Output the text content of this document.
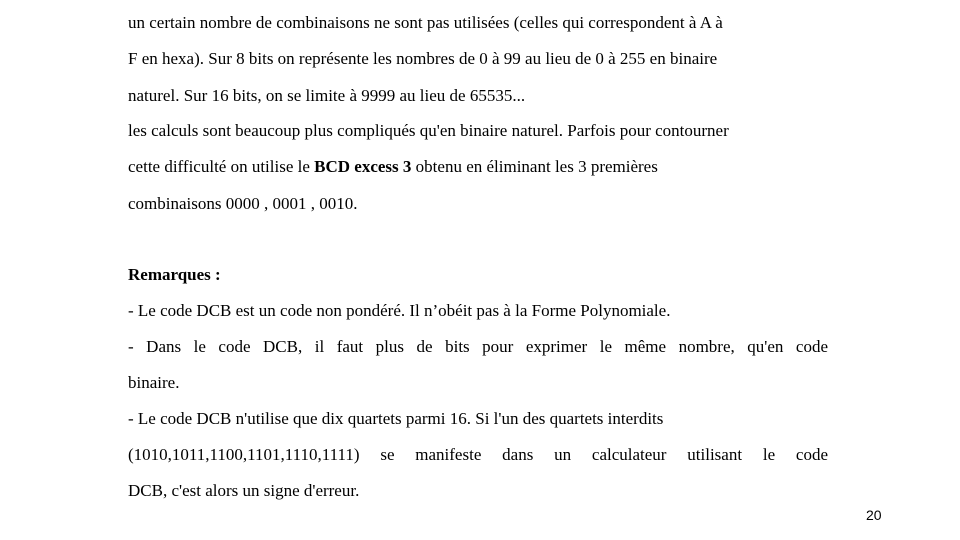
un certain nombre de combinaisons ne sont pas utilisées (celles qui correspondent à A à
F en hexa). Sur 8 bits on représente les nombres de 0 à 99 au lieu de 0 à 255 en binaire
naturel. Sur 16 bits, on se limite à 9999 au lieu de 65535...
les calculs sont beaucoup plus compliqués qu'en binaire naturel. Parfois pour contourner
cette difficulté on utilise le BCD excess 3 obtenu en éliminant les 3 premières
combinaisons 0000 , 0001 , 0010.
Remarques :
- Le code DCB est un code non pondéré. Il n’obéit pas à la Forme Polynomiale.
- Dans le code DCB, il faut plus de bits pour exprimer le même nombre, qu'en code
binaire.
- Le code DCB n'utilise que dix quartets parmi 16. Si l'un des quartets interdits
(1010,1011,1100,1101,1110,1111) se manifeste dans un calculateur utilisant le code
DCB, c'est alors un signe d'erreur.
20
